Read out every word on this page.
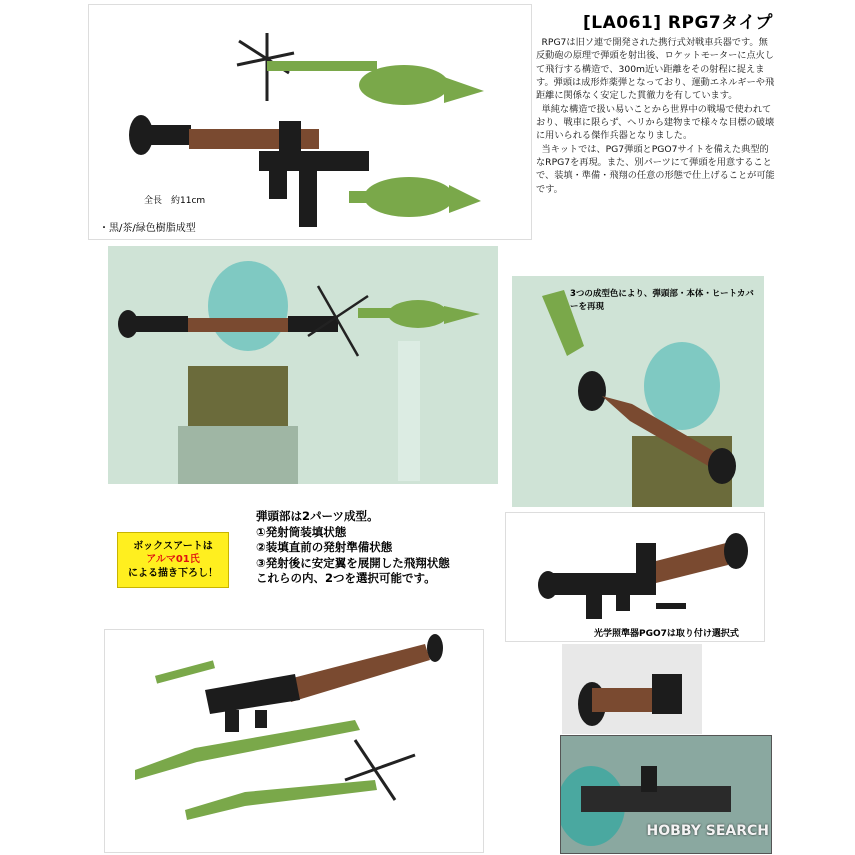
全長　約11cm
・黒/茶/緑色樹脂成型
[LA061] RPG7タイプ

RPG7は旧ソ連で開発された携行式対戦車兵器です。無反動砲の原理で弾頭を射出後、ロケットモーターに点火して飛行する構造で、300m近い距離をその射程に捉えます。弾頭は成形炸薬弾となっており、運動エネルギーや飛距離に関係なく安定した貫徹力を有しています。

単純な構造で扱い易いことから世界中の戦場で使われており、戦車に限らず、ヘリから建物まで様々な目標の破壊に用いられる傑作兵器となりました。

当キットでは、PG7弾頭とPGO7サイトを備えた典型的なRPG7を再現。また、別パーツにて弾頭を用意することで、装填・準備・飛翔の任意の形態で仕上げることが可能です。

3つの成型色により、弾頭部・本体・ヒートカバーを再現
ボックスアートは
アルマ01氏
による描き下ろし！
弾頭部は2パーツ成型。
①発射筒装填状態
②装填直前の発射準備状態
③発射後に安定翼を展開した飛翔状態
これらの内、2つを選択可能です。
光学照準器PGO7は取り付け選択式
HOBBY SEARCH
